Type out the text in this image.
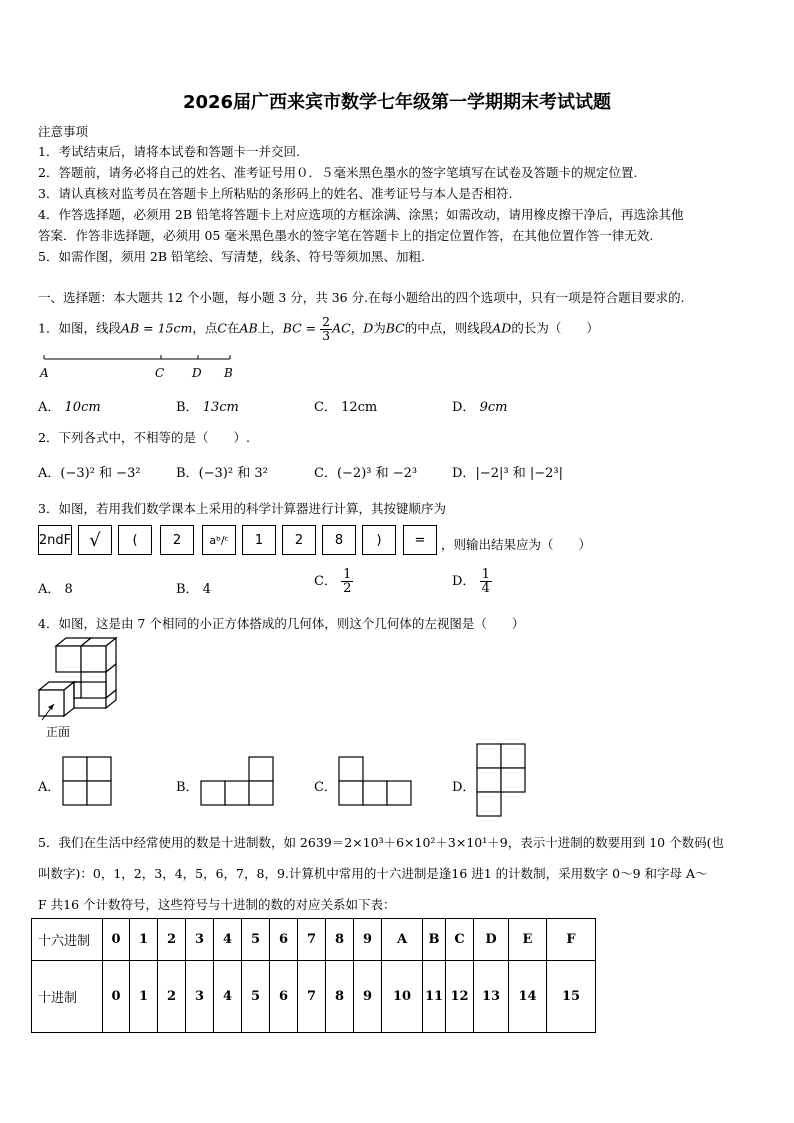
2026届广西来宾市数学七年级第一学期期末考试试题
注意事项
1．考试结束后，请将本试卷和答题卡一并交回.
2．答题前，请务必将自己的姓名、准考证号用０．５毫米黑色墨水的签字笔填写在试卷及答题卡的规定位置.
3．请认真核对监考员在答题卡上所粘贴的条形码上的姓名、准考证号与本人是否相符.
4．作答选择题，必须用 2B 铅笔将答题卡上对应选项的方框涂满、涂黑；如需改动，请用橡皮擦干净后，再选涂其他
答案．作答非选择题，必须用 05 毫米黑色墨水的签字笔在答题卡上的指定位置作答，在其他位置作答一律无效.
5．如需作图，须用 2B 铅笔绘、写清楚，线条、符号等须加黑、加粗.
一、选择题：本大题共 12 个小题，每小题 3 分，共 36 分.在每小题给出的四个选项中，只有一项是符合题目要求的.
1．如图，线段AB = 15cm，点C在AB上，BC = $\frac{2}{3}$ AC，D为BC的中点，则线段AD的长为（　　）
A	C D B
A． 10cm	B． 13cm	C． 12cm	D． 9cm
2．下列各式中，不相等的是（　　）.
A．(−3)² 和 −3²	B．(−3)² 和 3²	C．(−2)³ 和 −2³	D．|−2|³ 和 |−2³|
3．如图，若用我们数学课本上采用的科学计算器进行计算，其按键顺序为
2ndF	√	(	2	aᵇ/ᶜ	1	2	8	)	=	，则输出结果应为（　　）
A． 8	B． 4
C． $\frac{1}{2}$	D． $\frac{1}{4}$
4．如图，这是由 7 个相同的小正方体搭成的几何体，则这个几何体的左视图是（　　）
正面
A．	B．	C．	D．
5．我们在生活中经常使用的数是十进制数，如 2639＝2×10³＋6×10²＋3×10¹＋9，表示十进制的数要用到 10 个数码(也
叫数字)：0，1，2，3，4，5，6，7，8，9.计算机中常用的十六进制是逢16 进1 的计数制，采用数字 0～9 和字母 A～
F 共16 个计数符号，这些符号与十进制的数的对应关系如下表：
十六进制	0	1	2	3	4	5	6	7	8	9	A	B	C	D	E	F
十进制	0	1	2	3	4	5	6	7	8	9	10	11	12	13	14	15
